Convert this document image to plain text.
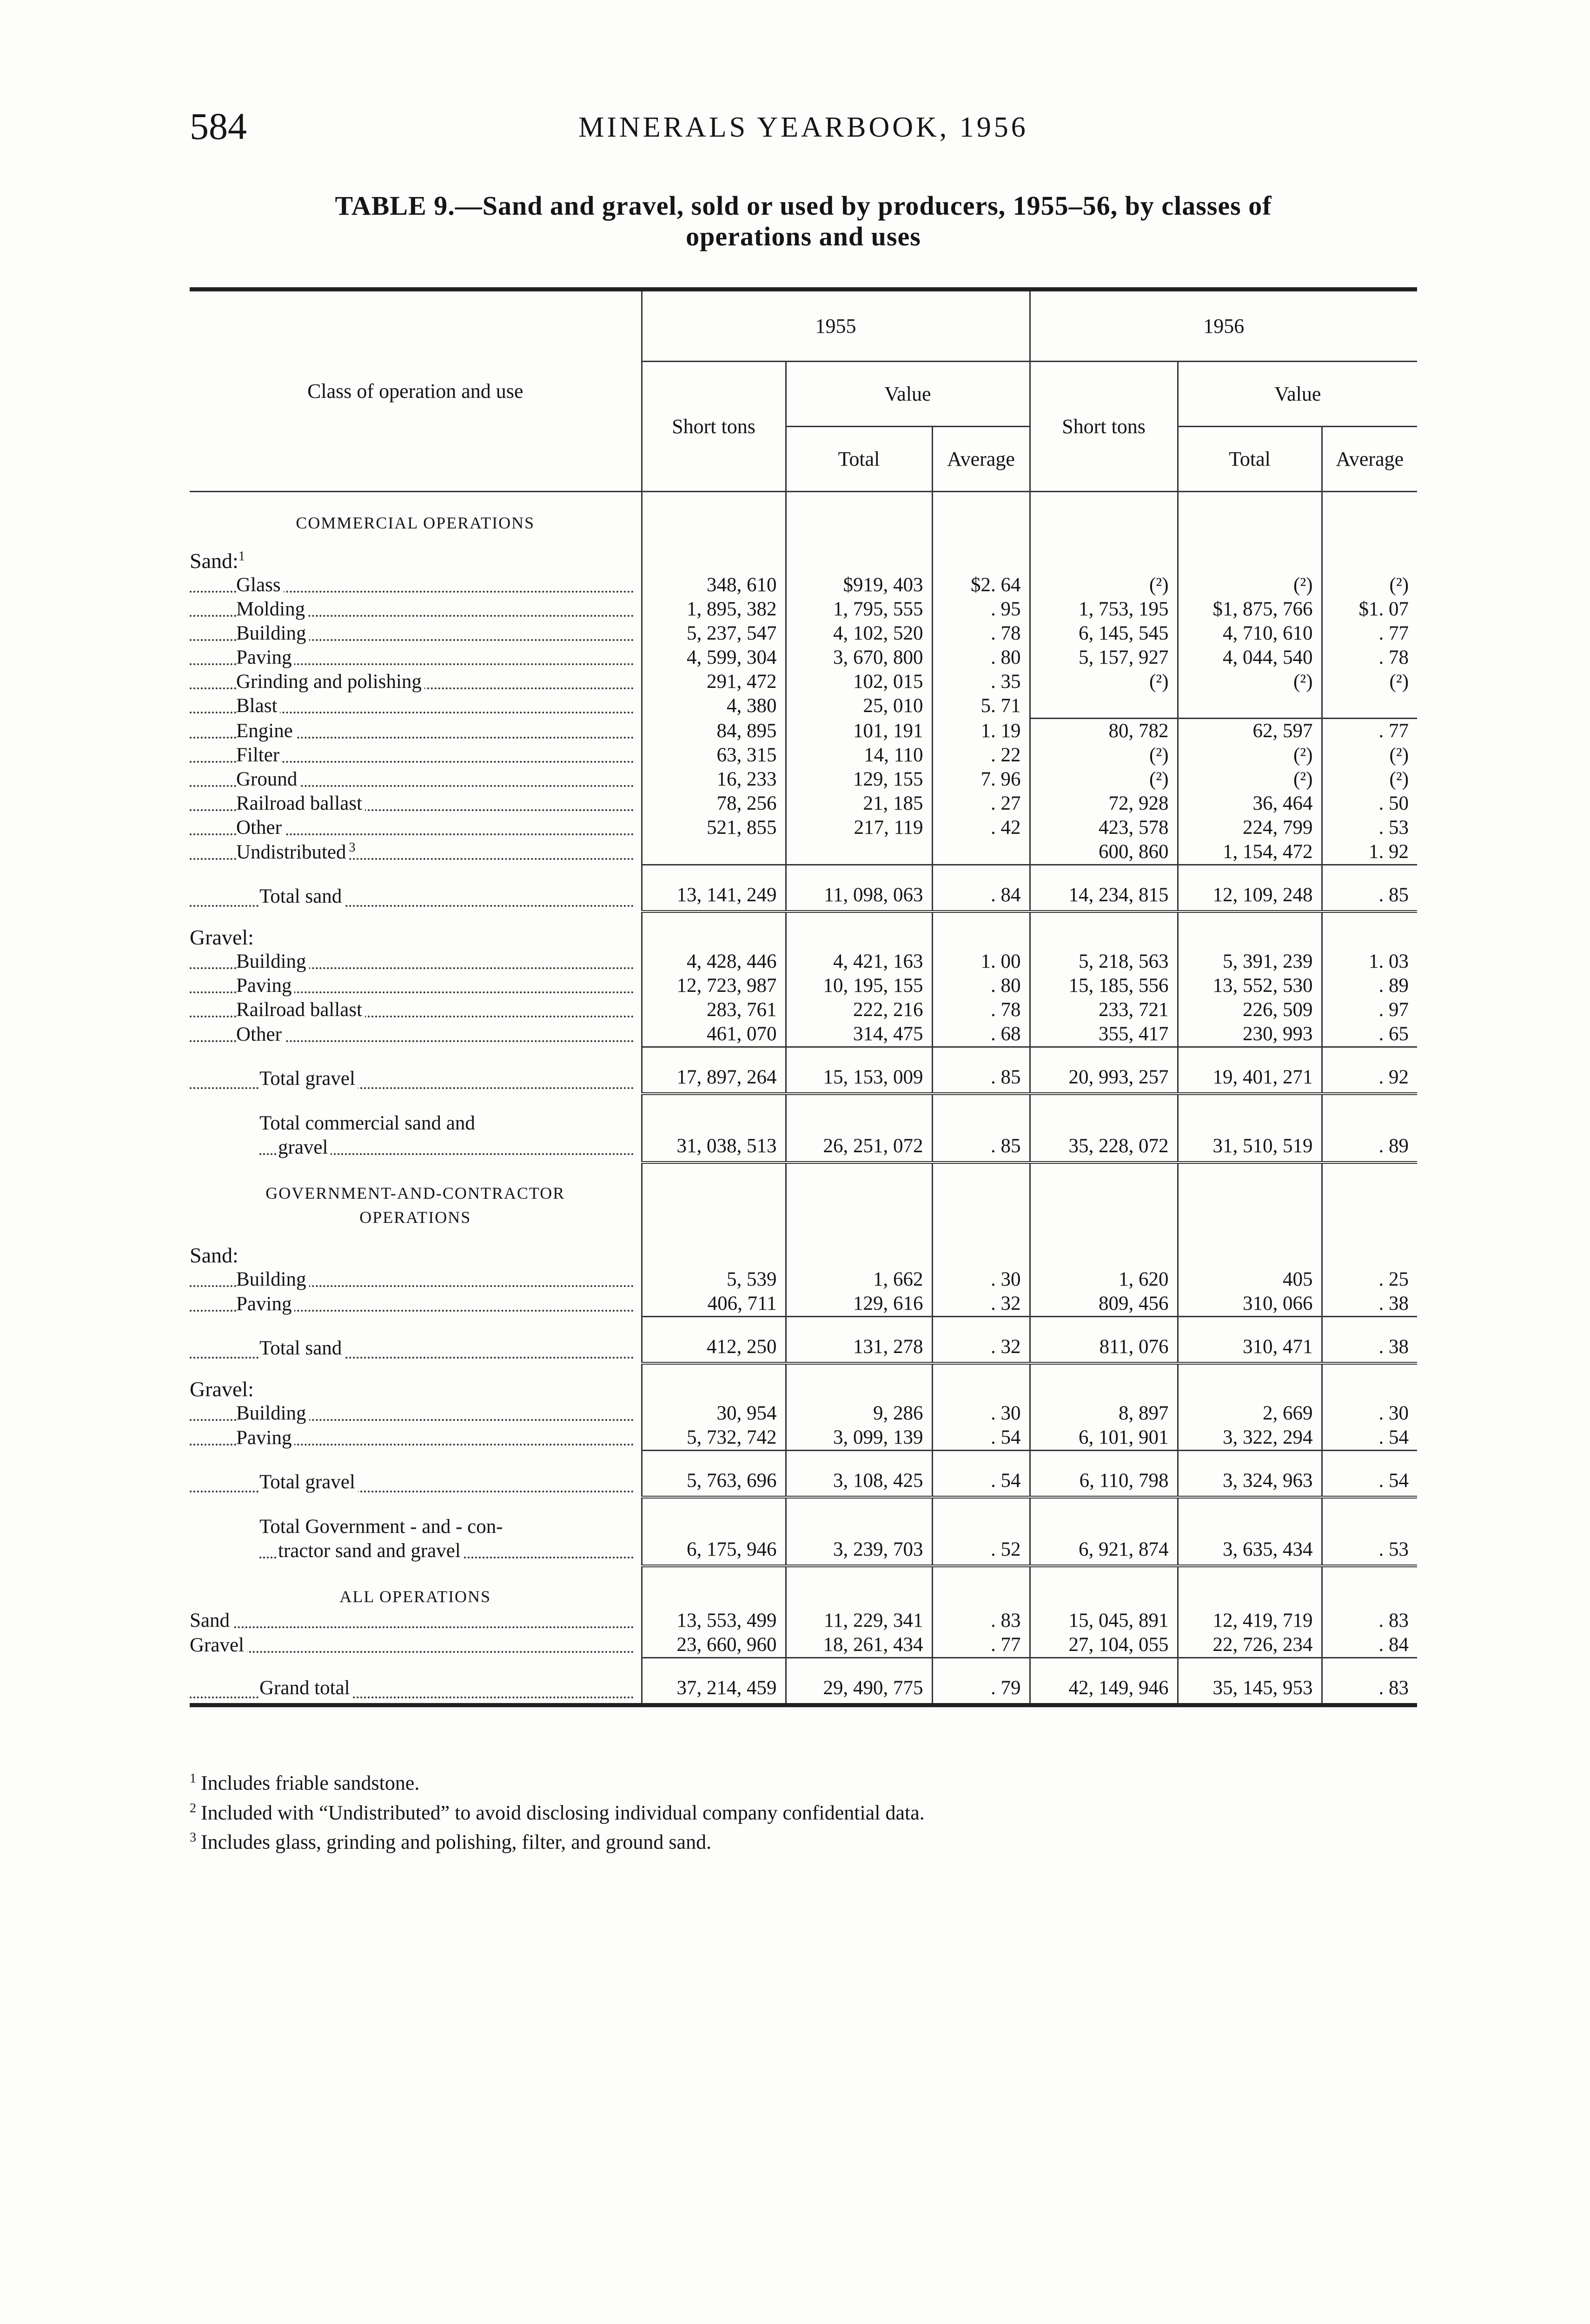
584	MINERALS YEARBOOK, 1956
TABLE 9.—Sand and gravel, sold or used by producers, 1955–56, by classes of
operations and uses
Class of operation and use	1955			1956		
	Short tons	Value		Short tons	Value	
		Total	Average		Total	Average

COMMERCIAL OPERATIONS						

Sand:$^1$						
Glass	348, 610	$919, 403	$2. 64	(²)	(²)	(²)
Molding	1, 895, 382	1, 795, 555	. 95	1, 753, 195	$1, 875, 766	$1. 07
Building	5, 237, 547	4, 102, 520	. 78	6, 145, 545	4, 710, 610	. 77
Paving	4, 599, 304	3, 670, 800	. 80	5, 157, 927	4, 044, 540	. 78
Grinding and polishing	291, 472	102, 015	. 35	(²)	(²)	(²)
Blast	4, 380	25, 010	5. 71			
Engine	84, 895	101, 191	1. 19	80, 782	62, 597	. 77
Filter	63, 315	14, 110	. 22	(²)	(²)	(²)
Ground	16, 233	129, 155	7. 96	(²)	(²)	(²)
Railroad ballast	78, 256	21, 185	. 27	72, 928	36, 464	. 50
Other	521, 855	217, 119	. 42	423, 578	224, 799	. 53
Undistributed $^3$				600, 860	1, 154, 472	1. 92
Total sand	13, 141, 249	11, 098, 063	. 84	14, 234, 815	12, 109, 248	. 85
Gravel:						
Building	4, 428, 446	4, 421, 163	1. 00	5, 218, 563	5, 391, 239	1. 03
Paving	12, 723, 987	10, 195, 155	. 80	15, 185, 556	13, 552, 530	. 89
Railroad ballast	283, 761	222, 216	. 78	233, 721	226, 509	. 97
Other	461, 070	314, 475	. 68	355, 417	230, 993	. 65
Total gravel	17, 897, 264	15, 153, 009	. 85	20, 993, 257	19, 401, 271	. 92

Total commercial sand and
gravel	31, 038, 513	26, 251, 072	. 85	35, 228, 072	31, 510, 519	. 89

GOVERNMENT-AND-CONTRACTOR
OPERATIONS						

Sand:						
Building	5, 539	1, 662	. 30	1, 620	405	. 25
Paving	406, 711	129, 616	. 32	809, 456	310, 066	. 38
Total sand	412, 250	131, 278	. 32	811, 076	310, 471	. 38
Gravel:						
Building	30, 954	9, 286	. 30	8, 897	2, 669	. 30
Paving	5, 732, 742	3, 099, 139	. 54	6, 101, 901	3, 322, 294	. 54
Total gravel	5, 763, 696	3, 108, 425	. 54	6, 110, 798	3, 324, 963	. 54

Total Government - and - con-
tractor sand and gravel	6, 175, 946	3, 239, 703	. 52	6, 921, 874	3, 635, 434	. 53

ALL OPERATIONS						

Sand	13, 553, 499	11, 229, 341	. 83	15, 045, 891	12, 419, 719	. 83
Gravel	23, 660, 960	18, 261, 434	. 77	27, 104, 055	22, 726, 234	. 84
Grand total	37, 214, 459	29, 490, 775	. 79	42, 149, 946	35, 145, 953	. 83
$^1$ Includes friable sandstone.
$^2$ Included with “Undistributed” to avoid disclosing individual company confidential data.
$^3$ Includes glass, grinding and polishing, filter, and ground sand.
